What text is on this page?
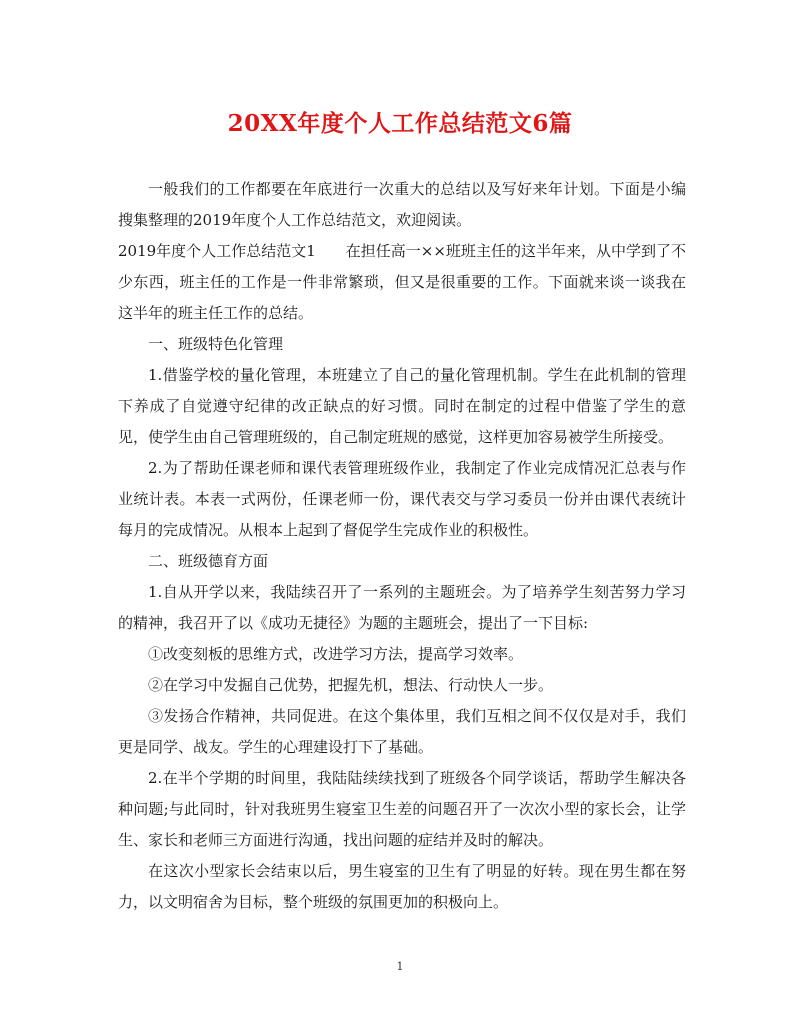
20XX年度个人工作总结范文6篇

一般我们的工作都要在年底进行一次重大的总结以及写好来年计划。下面是小编搜集整理的2019年度个人工作总结范文，欢迎阅读。

2019年度个人工作总结范文1 在担任高一××班班主任的这半年来，从中学到了不少东西，班主任的工作是一件非常繁琐，但又是很重要的工作。下面就来谈一谈我在这半年的班主任工作的总结。

一、班级特色化管理

1.借鉴学校的量化管理，本班建立了自己的量化管理机制。学生在此机制的管理下养成了自觉遵守纪律的改正缺点的好习惯。同时在制定的过程中借鉴了学生的意见，使学生由自己管理班级的，自己制定班规的感觉，这样更加容易被学生所接受。

2.为了帮助任课老师和课代表管理班级作业，我制定了作业完成情况汇总表与作业统计表。本表一式两份，任课老师一份，课代表交与学习委员一份并由课代表统计每月的完成情况。从根本上起到了督促学生完成作业的积极性。

二、班级德育方面

1.自从开学以来，我陆续召开了一系列的主题班会。为了培养学生刻苦努力学习的精神，我召开了以《成功无捷径》为题的主题班会，提出了一下目标:

①改变刻板的思维方式，改进学习方法，提高学习效率。

②在学习中发掘自己优势，把握先机，想法、行动快人一步。

③发扬合作精神，共同促进。在这个集体里，我们互相之间不仅仅是对手，我们更是同学、战友。学生的心理建设打下了基础。

2.在半个学期的时间里，我陆陆续续找到了班级各个同学谈话，帮助学生解决各种问题;与此同时，针对我班男生寝室卫生差的问题召开了一次次小型的家长会，让学生、家长和老师三方面进行沟通，找出问题的症结并及时的解决。

在这次小型家长会结束以后，男生寝室的卫生有了明显的好转。现在男生都在努力，以文明宿舍为目标，整个班级的氛围更加的积极向上。

1
